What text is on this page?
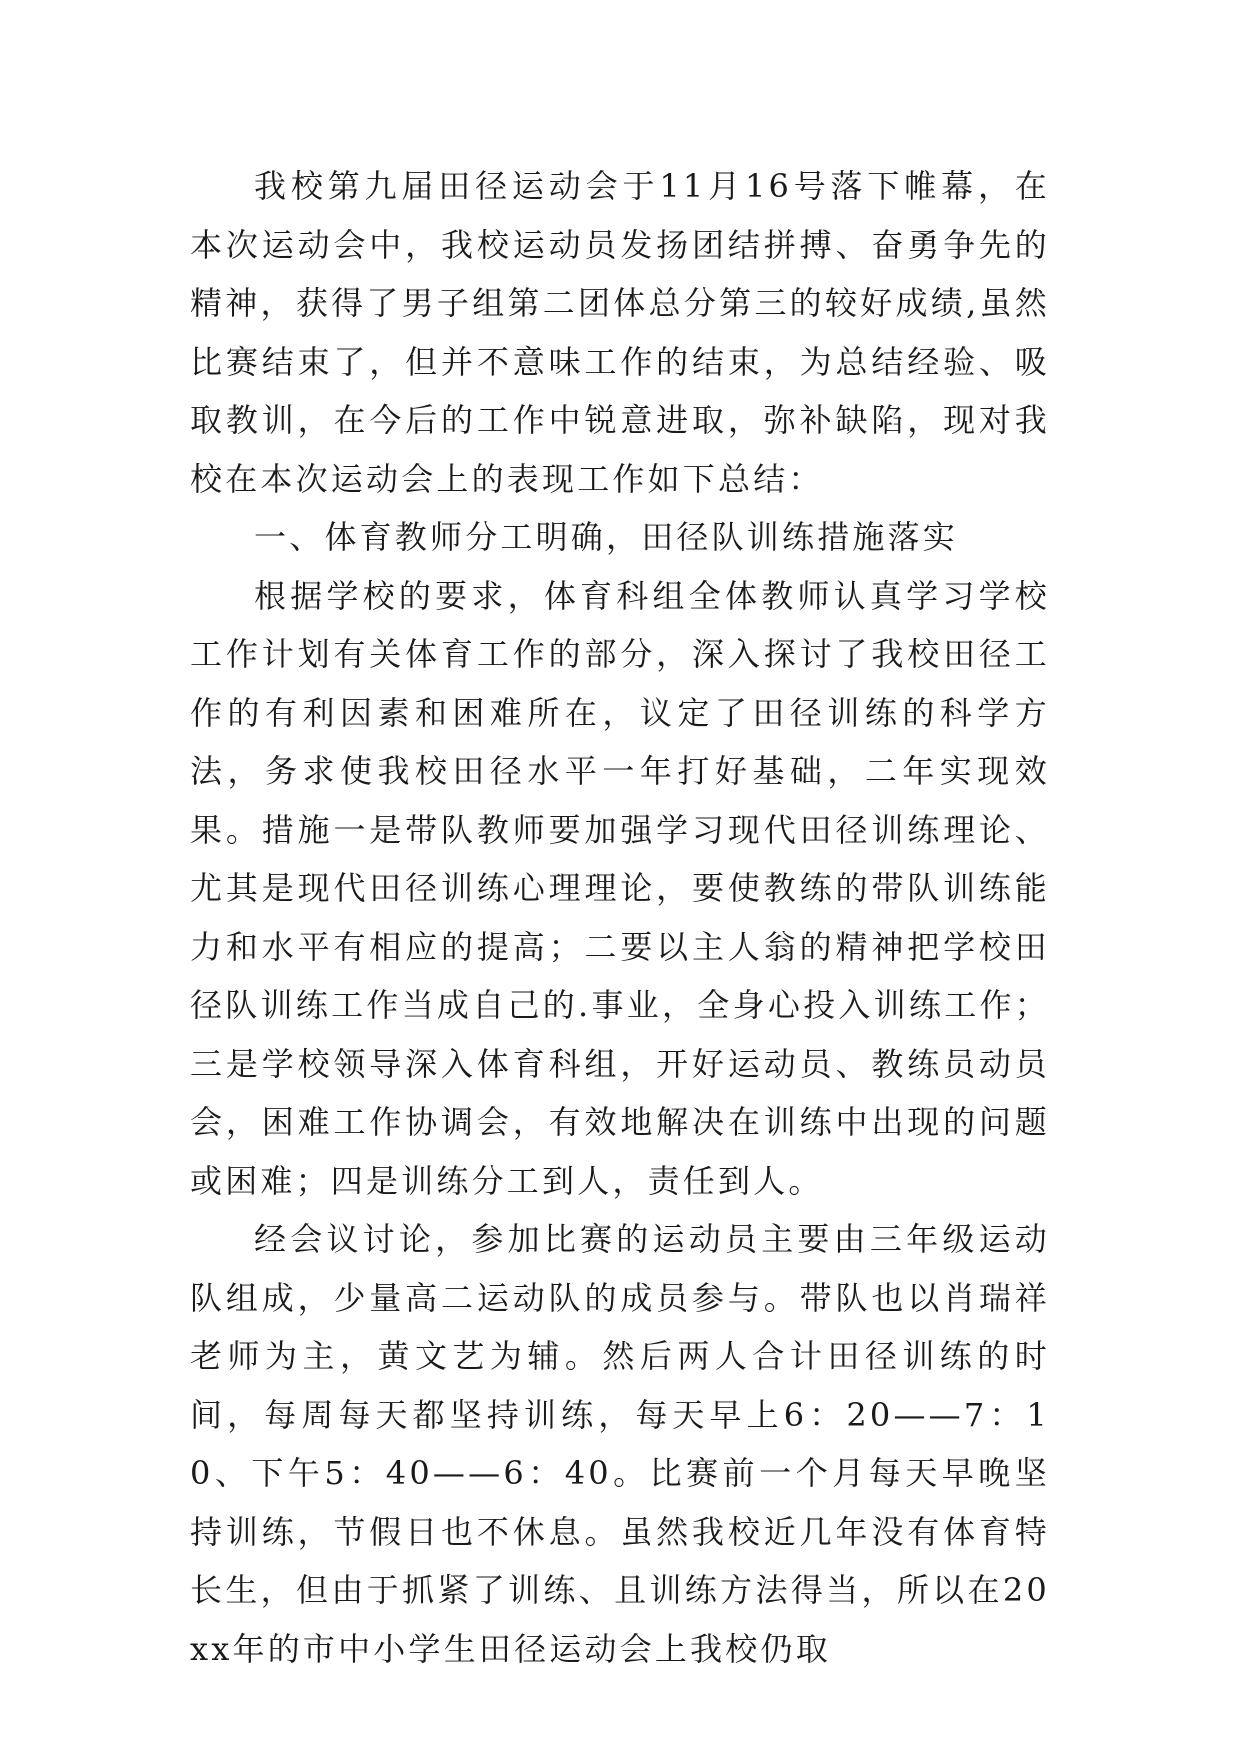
我校第九届田径运动会于11月16号落下帷幕，在本次运动会中，我校运动员发扬团结拼搏、奋勇争先的精神，获得了男子组第二团体总分第三的较好成绩,虽然比赛结束了，但并不意味工作的结束，为总结经验、吸取教训，在今后的工作中锐意进取，弥补缺陷，现对我校在本次运动会上的表现工作如下总结：

一、体育教师分工明确，田径队训练措施落实

根据学校的要求，体育科组全体教师认真学习学校工作计划有关体育工作的部分，深入探讨了我校田径工作的有利因素和困难所在，议定了田径训练的科学方法，务求使我校田径水平一年打好基础，二年实现效果。措施一是带队教师要加强学习现代田径训练理论、尤其是现代田径训练心理理论，要使教练的带队训练能力和水平有相应的提高；二要以主人翁的精神把学校田径队训练工作当成自己的.事业，全身心投入训练工作；三是学校领导深入体育科组，开好运动员、教练员动员会，困难工作协调会，有效地解决在训练中出现的问题或困难；四是训练分工到人，责任到人。

经会议讨论，参加比赛的运动员主要由三年级运动队组成，少量高二运动队的成员参与。带队也以肖瑞祥老师为主，黄文艺为辅。然后两人合计田径训练的时间，每周每天都坚持训练，每天早上6：20——7：10、下午5：40——6：40。比赛前一个月每天早晚坚持训练，节假日也不休息。虽然我校近几年没有体育特长生，但由于抓紧了训练、且训练方法得当，所以在20xx年的市中小学生田径运动会上我校仍取
